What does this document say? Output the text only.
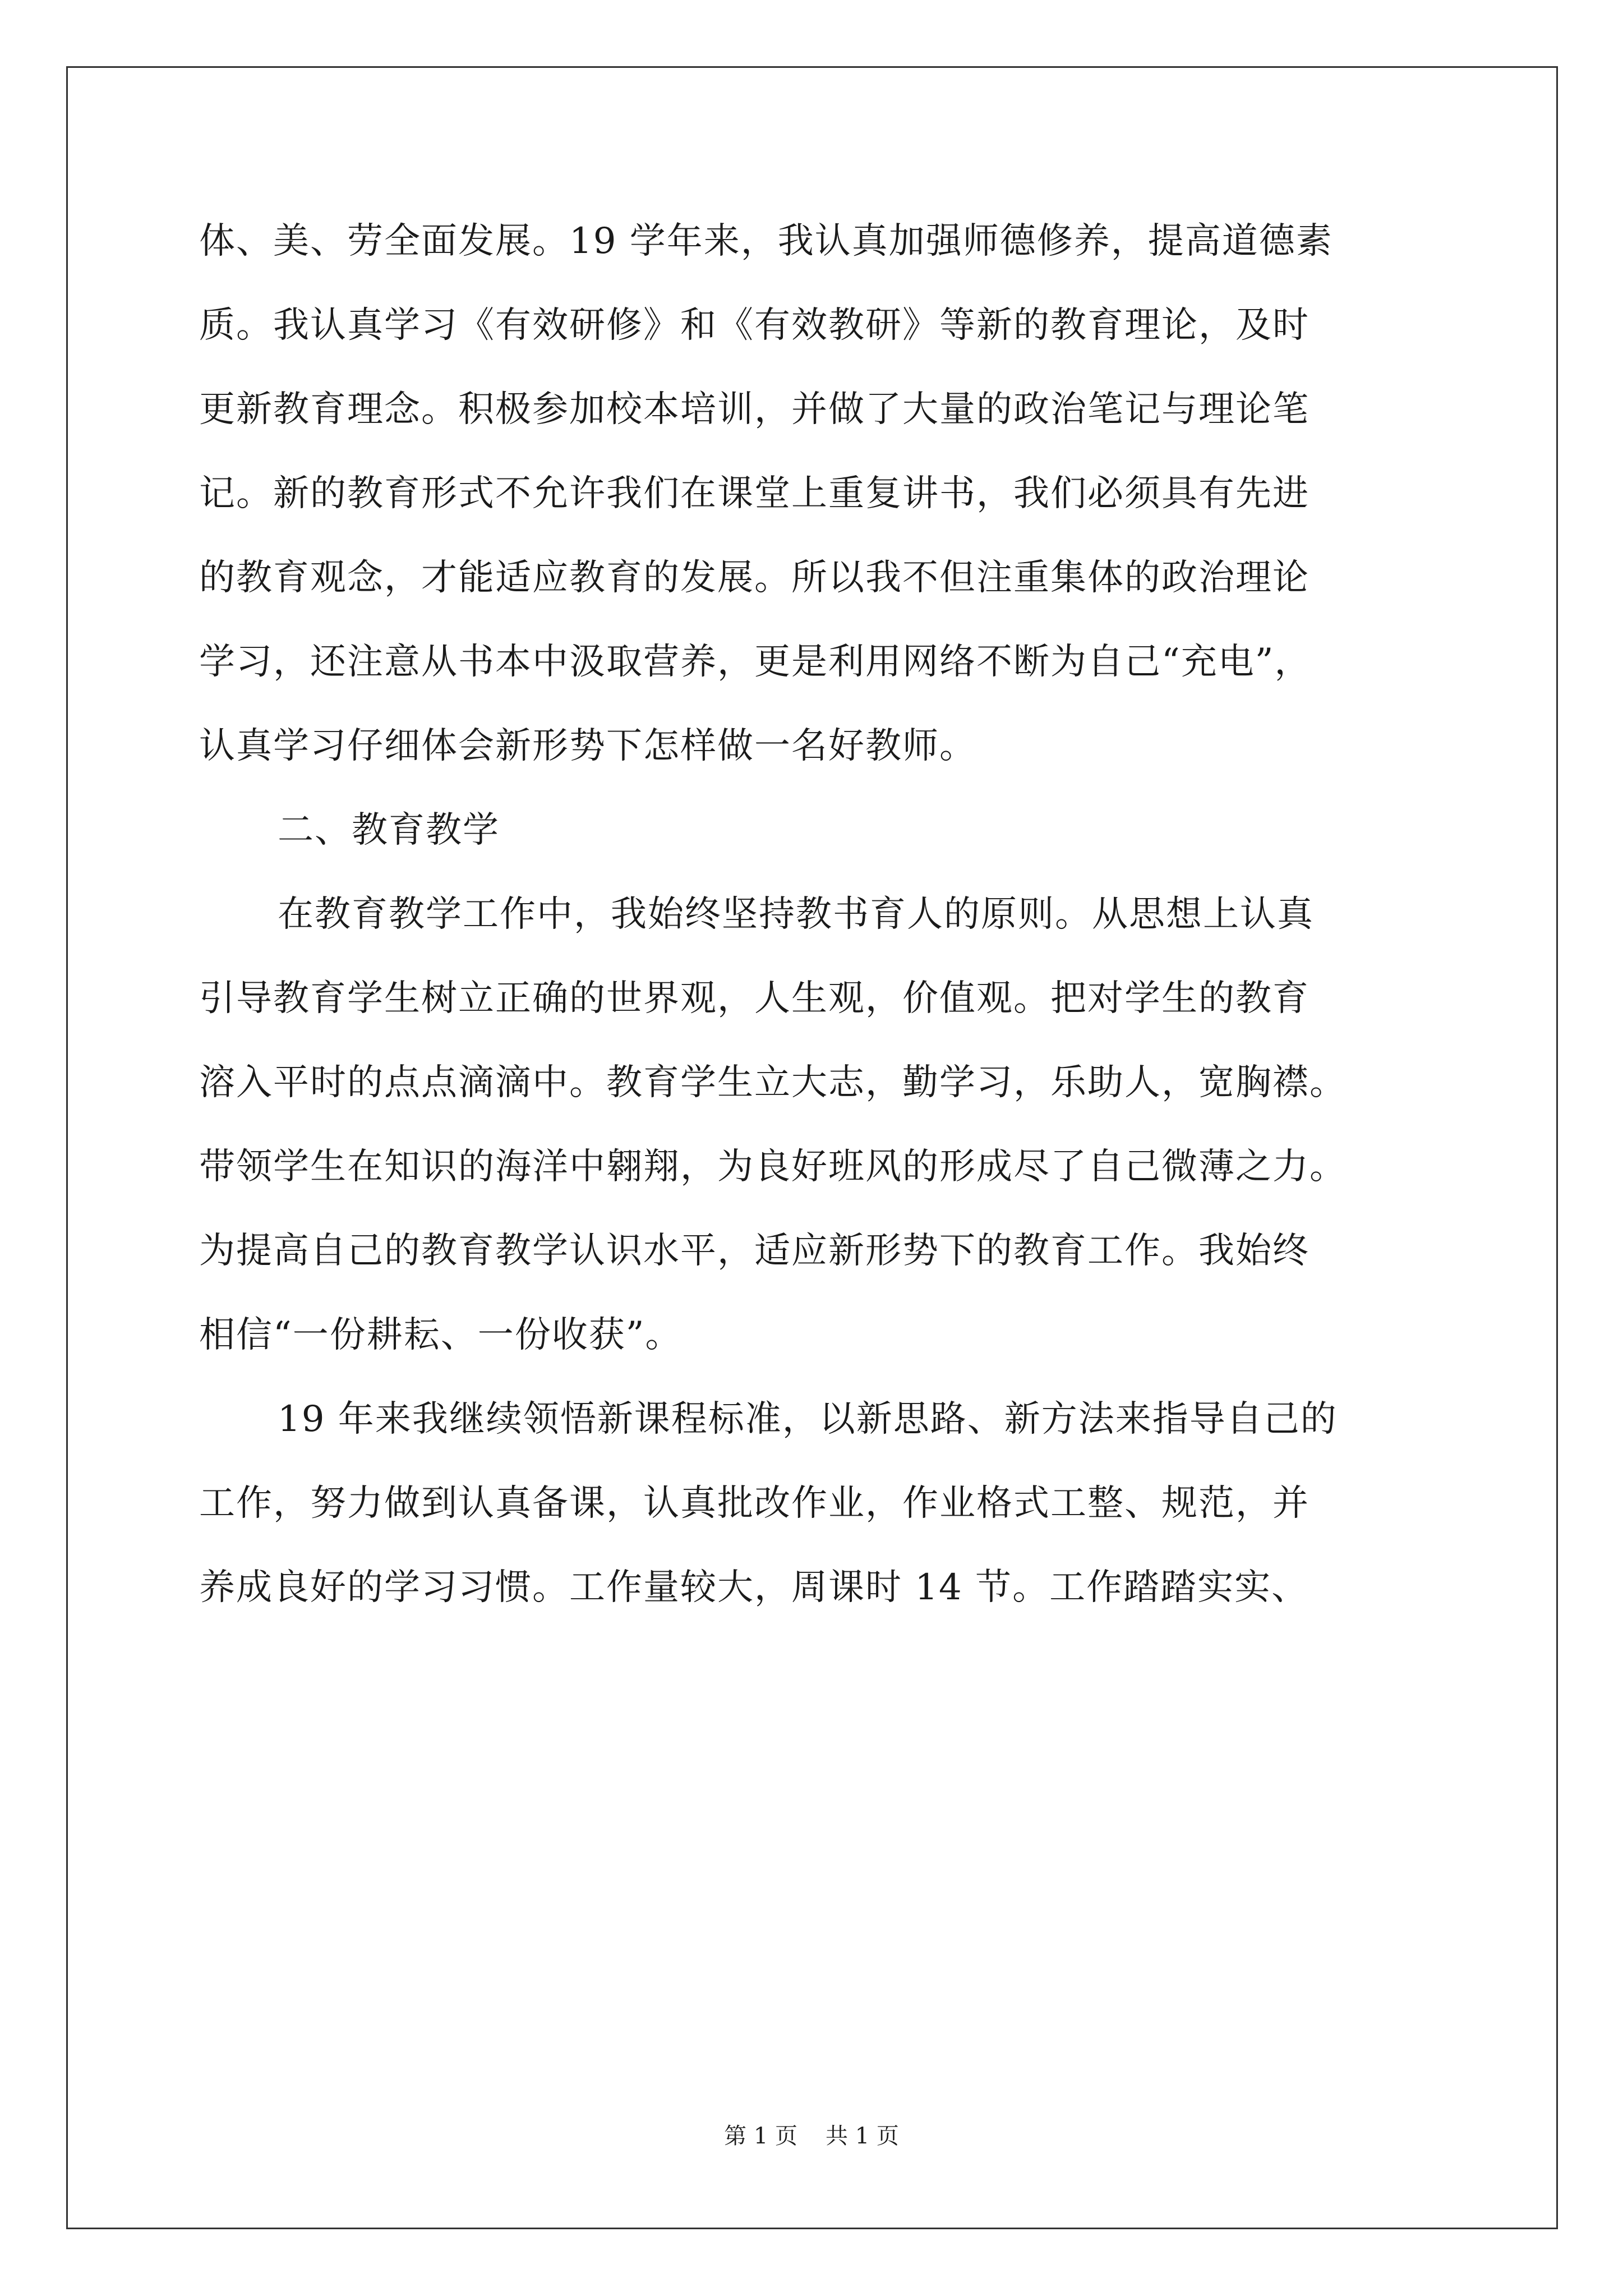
体、美、劳全面发展。19 学年来，我认真加强师德修养，提高道德素
质。我认真学习《有效研修》和《有效教研》等新的教育理论，及时
更新教育理念。积极参加校本培训，并做了大量的政治笔记与理论笔
记。新的教育形式不允许我们在课堂上重复讲书，我们必须具有先进
的教育观念，才能适应教育的发展。所以我不但注重集体的政治理论
学习，还注意从书本中汲取营养，更是利用网络不断为自己“充电”，
认真学习仔细体会新形势下怎样做一名好教师。
二、教育教学
在教育教学工作中，我始终坚持教书育人的原则。从思想上认真
引导教育学生树立正确的世界观，人生观，价值观。把对学生的教育
溶入平时的点点滴滴中。教育学生立大志，勤学习，乐助人，宽胸襟。
带领学生在知识的海洋中翱翔，为良好班风的形成尽了自己微薄之力。
为提高自己的教育教学认识水平，适应新形势下的教育工作。我始终
相信“一份耕耘、一份收获”。
19 年来我继续领悟新课程标准，以新思路、新方法来指导自己的
工作，努力做到认真备课，认真批改作业，作业格式工整、规范，并
养成良好的学习习惯。工作量较大，周课时 14 节。工作踏踏实实、
第 1 页 共 1 页
